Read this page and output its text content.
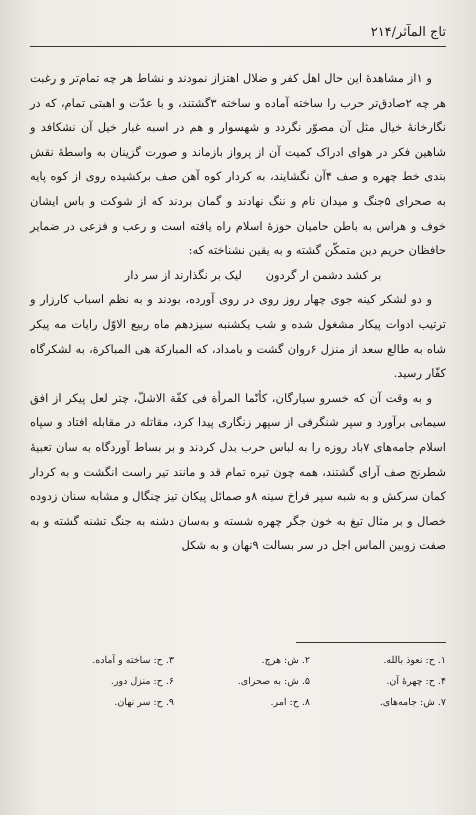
تاج المآثر/۲۱۴

و ۱از مشاهدهٔ این حال اهل کفر و ضلال اهتزاز نمودند و نشاط هر چه تمام‌تر و رغبت هر چه ۲صادق‌تر حرب را ساخته آماده و ساخته ۳گشتند، و با عدّت و اهبتی تمام، که در نگارخانهٔ خیال مثل آن مصوّر نگردد و شهسوار و هم در اسبه غبار خیل آن نشکافد و شاهین فکر در هوای ادراک کمیت آن از پرواز بازماند و صورت گزینان به واسطهٔ نقش بندی خط چهره و صف ۴آن نگشایند، به کردار کوه آهن صف برکشیده روی از کوه پایه به صحرای ۵جنگ و میدان نام و ننگ نهادند و گمان بردند که از شوکت و باس ایشان خوف و هراس به باطن حامیان حوزهٔ اسلام راه یافته است و رعب و فزعی در ضمایر حافظان حریم دین متمکّن گشته و به یقین نشناخته که:

بر کشد دشمن ار گردون لیک بر نگذارند از سر دار

و دو لشکر کینه جوی چهار روز روی در روی آورده، بودند و به نظم اسباب کارزار و ترتیب ادوات پیکار مشغول شده و شب یکشنبه سیزدهم ماه ربیع الاوّل رایات مه پیکر شاه به طالع سعد از منزل ۶روان گشت و بامداد، که المبارکة هی المباکرة، به لشکرگاه کفّار رسید.

و به وقت آن که خسرو سیارگان، کأنّما المرأة فی کفّة الاشلّ، چتر لعل پیکر از افق سیمابی برآورد و سپر شنگرفی از سپهر زنگاری پیدا کرد، مقاتله در مقابله افتاد و سپاه اسلام جامه‌های ۷باد روزه را به لباس حرب بدل کردند و بر بساط آوردگاه به سان تعبیهٔ شطرنج صف آرای گشتند، همه چون تیره تمام قد و مانند تیر راست انگشت و به کردار کمان سرکش و به شبه سپر فراخ سینه ۸و صمائل پیکان تیز چنگال و مشابه سنان زدوده خصال و بر مثال تیغ به خون جگر چهره شسته و به‌سان دشنه به جنگ تشنه گشته و به صفت زوبین الماس اجل در سر بسالت ۹نهان و به شکل

۱. ح: نعوذ بالله.
۲. ش: هرچ.
۳. ح: ساخته و آماده.
۴. ح: چهرهٔ آن.
۵. ش: به صحرای.
۶. ح: منزل دور.
۷. ش: جامه‌های.
۸. ح: امر.
۹. ح: سر نهان.
